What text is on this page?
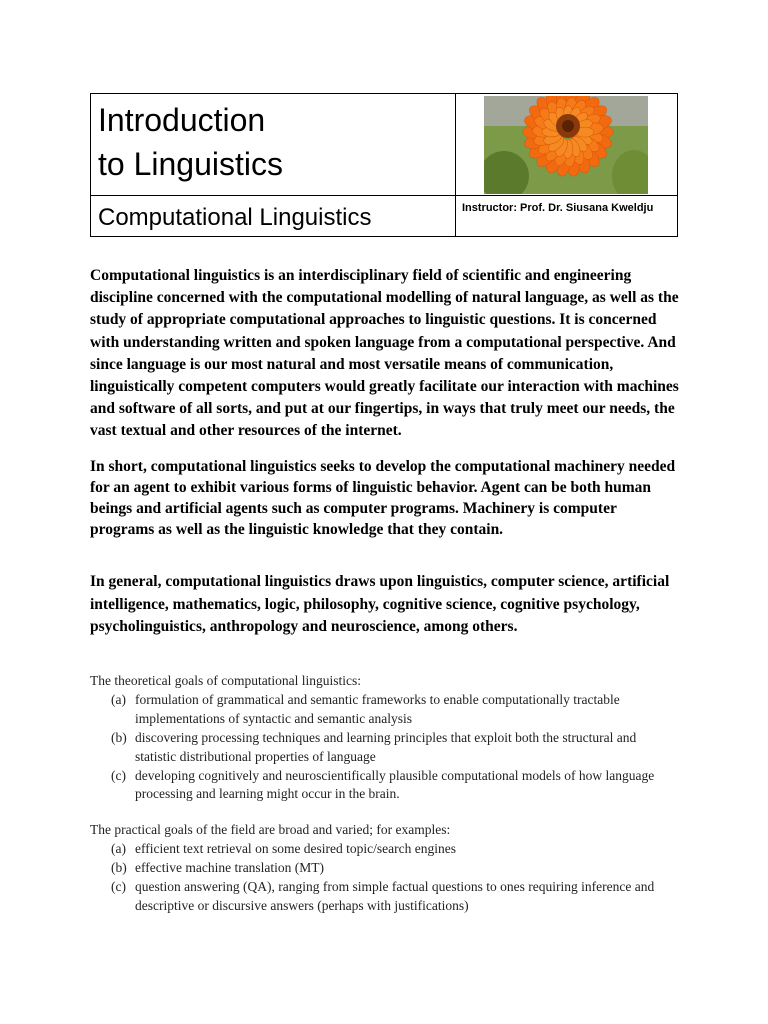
Introduction
to Linguistics
Computational Linguistics	Instructor: Prof. Dr. Siusana Kweldju

Computational linguistics is an interdisciplinary field of scientific and engineering discipline concerned with the computational modelling of natural language, as well as the study of appropriate computational approaches to linguistic questions. It is concerned with understanding written and spoken language from a computational perspective. And since language is our most natural and most versatile means of communication, linguistically competent computers would greatly facilitate our interaction with machines and software of all sorts, and put at our fingertips, in ways that truly meet our needs, the vast textual and other resources of the internet.

In short, computational linguistics seeks to develop the computational machinery needed for an agent to exhibit various forms of linguistic behavior. Agent can be both human beings and artificial agents such as computer programs. Machinery is computer programs as well as the linguistic knowledge that they contain.

In general, computational linguistics draws upon linguistics, computer science, artificial intelligence, mathematics, logic, philosophy, cognitive science, cognitive psychology, psycholinguistics, anthropology and neuroscience, among others.

The theoretical goals of computational linguistics:

(a) formulation of grammatical and semantic frameworks to enable computationally tractable implementations of syntactic and semantic analysis
(b) discovering processing techniques and learning principles that exploit both the structural and statistic distributional properties of language
(c) developing cognitively and neuroscientifically plausible computational models of how language processing and learning might occur in the brain.

The practical goals of the field are broad and varied; for examples:

(a) efficient text retrieval on some desired topic/search engines
(b) effective machine translation (MT)
(c) question answering (QA), ranging from simple factual questions to ones requiring inference and descriptive or discursive answers (perhaps with justifications)
